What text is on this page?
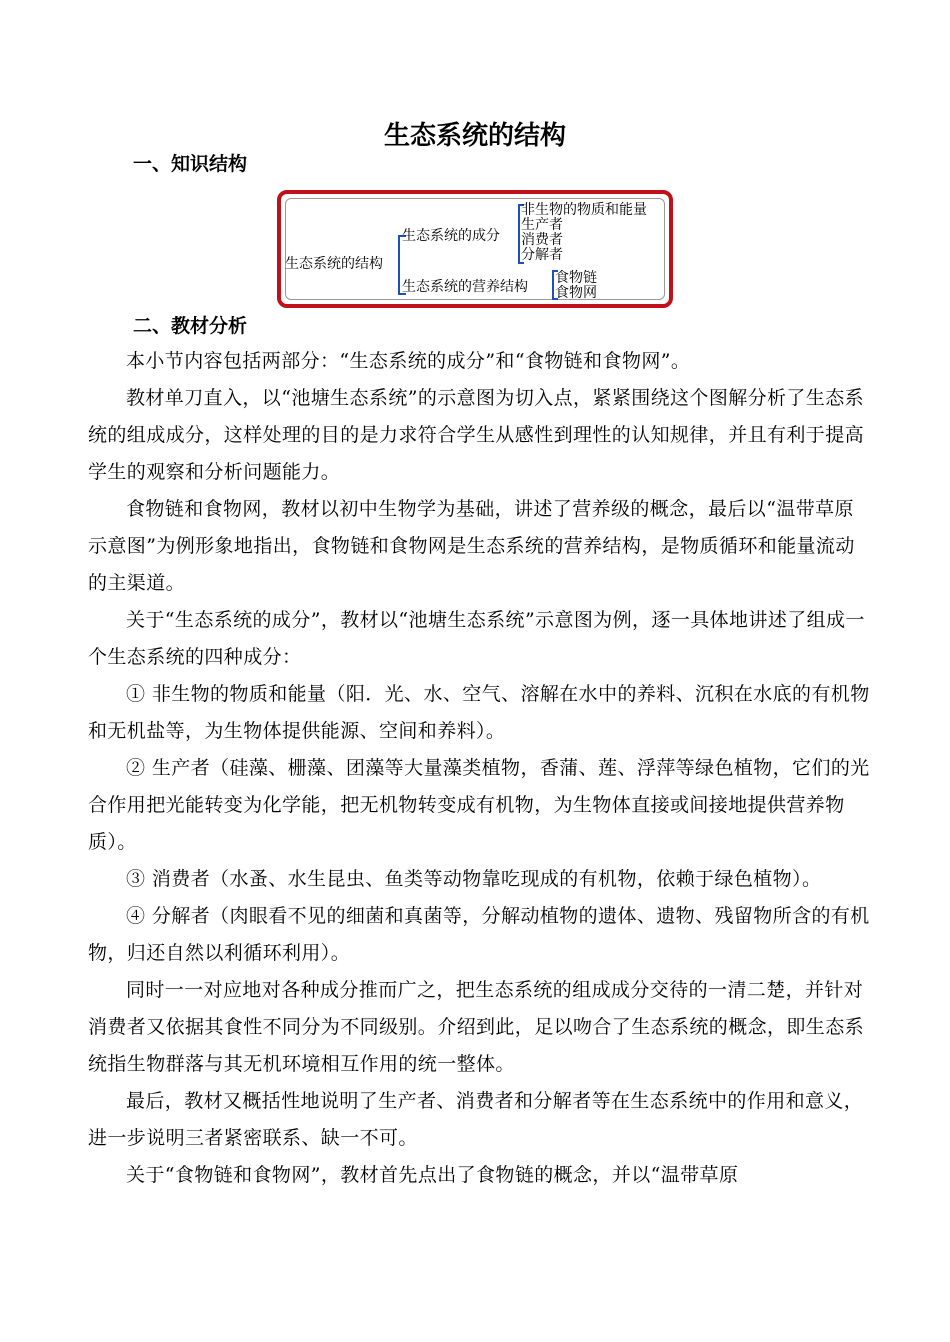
生态系统的结构
一、知识结构
生态系统的结构
生态系统的成分
非生物的物质和能量
生产者
消费者
分解者
生态系统的营养结构
食物链
食物网
二、教材分析

本小节内容包括两部分：“生态系统的成分”和“食物链和食物网”。

教材单刀直入，以“池塘生态系统”的示意图为切入点，紧紧围绕这个图解分析了生态系统的组成成分，这样处理的目的是力求符合学生从感性到理性的认知规律，并且有利于提高学生的观察和分析问题能力。

食物链和食物网，教材以初中生物学为基础，讲述了营养级的概念，最后以“温带草原示意图”为例形象地指出，食物链和食物网是生态系统的营养结构，是物质循环和能量流动的主渠道。

关于“生态系统的成分”，教材以“池塘生态系统”示意图为例，逐一具体地讲述了组成一个生态系统的四种成分：

① 非生物的物质和能量（阳．光、水、空气、溶解在水中的养料、沉积在水底的有机物和无机盐等，为生物体提供能源、空间和养料）。

② 生产者（硅藻、栅藻、团藻等大量藻类植物，香蒲、莲、浮萍等绿色植物，它们的光合作用把光能转变为化学能，把无机物转变成有机物，为生物体直接或间接地提供营养物质）。

③ 消费者（水蚤、水生昆虫、鱼类等动物靠吃现成的有机物，依赖于绿色植物）。

④ 分解者（肉眼看不见的细菌和真菌等，分解动植物的遗体、遗物、残留物所含的有机物，归还自然以利循环利用）。

同时一一对应地对各种成分推而广之，把生态系统的组成成分交待的一清二楚，并针对消费者又依据其食性不同分为不同级别。介绍到此，足以吻合了生态系统的概念，即生态系统指生物群落与其无机环境相互作用的统一整体。

最后，教材又概括性地说明了生产者、消费者和分解者等在生态系统中的作用和意义，进一步说明三者紧密联系、缺一不可。

关于“食物链和食物网”，教材首先点出了食物链的概念，并以“温带草原
